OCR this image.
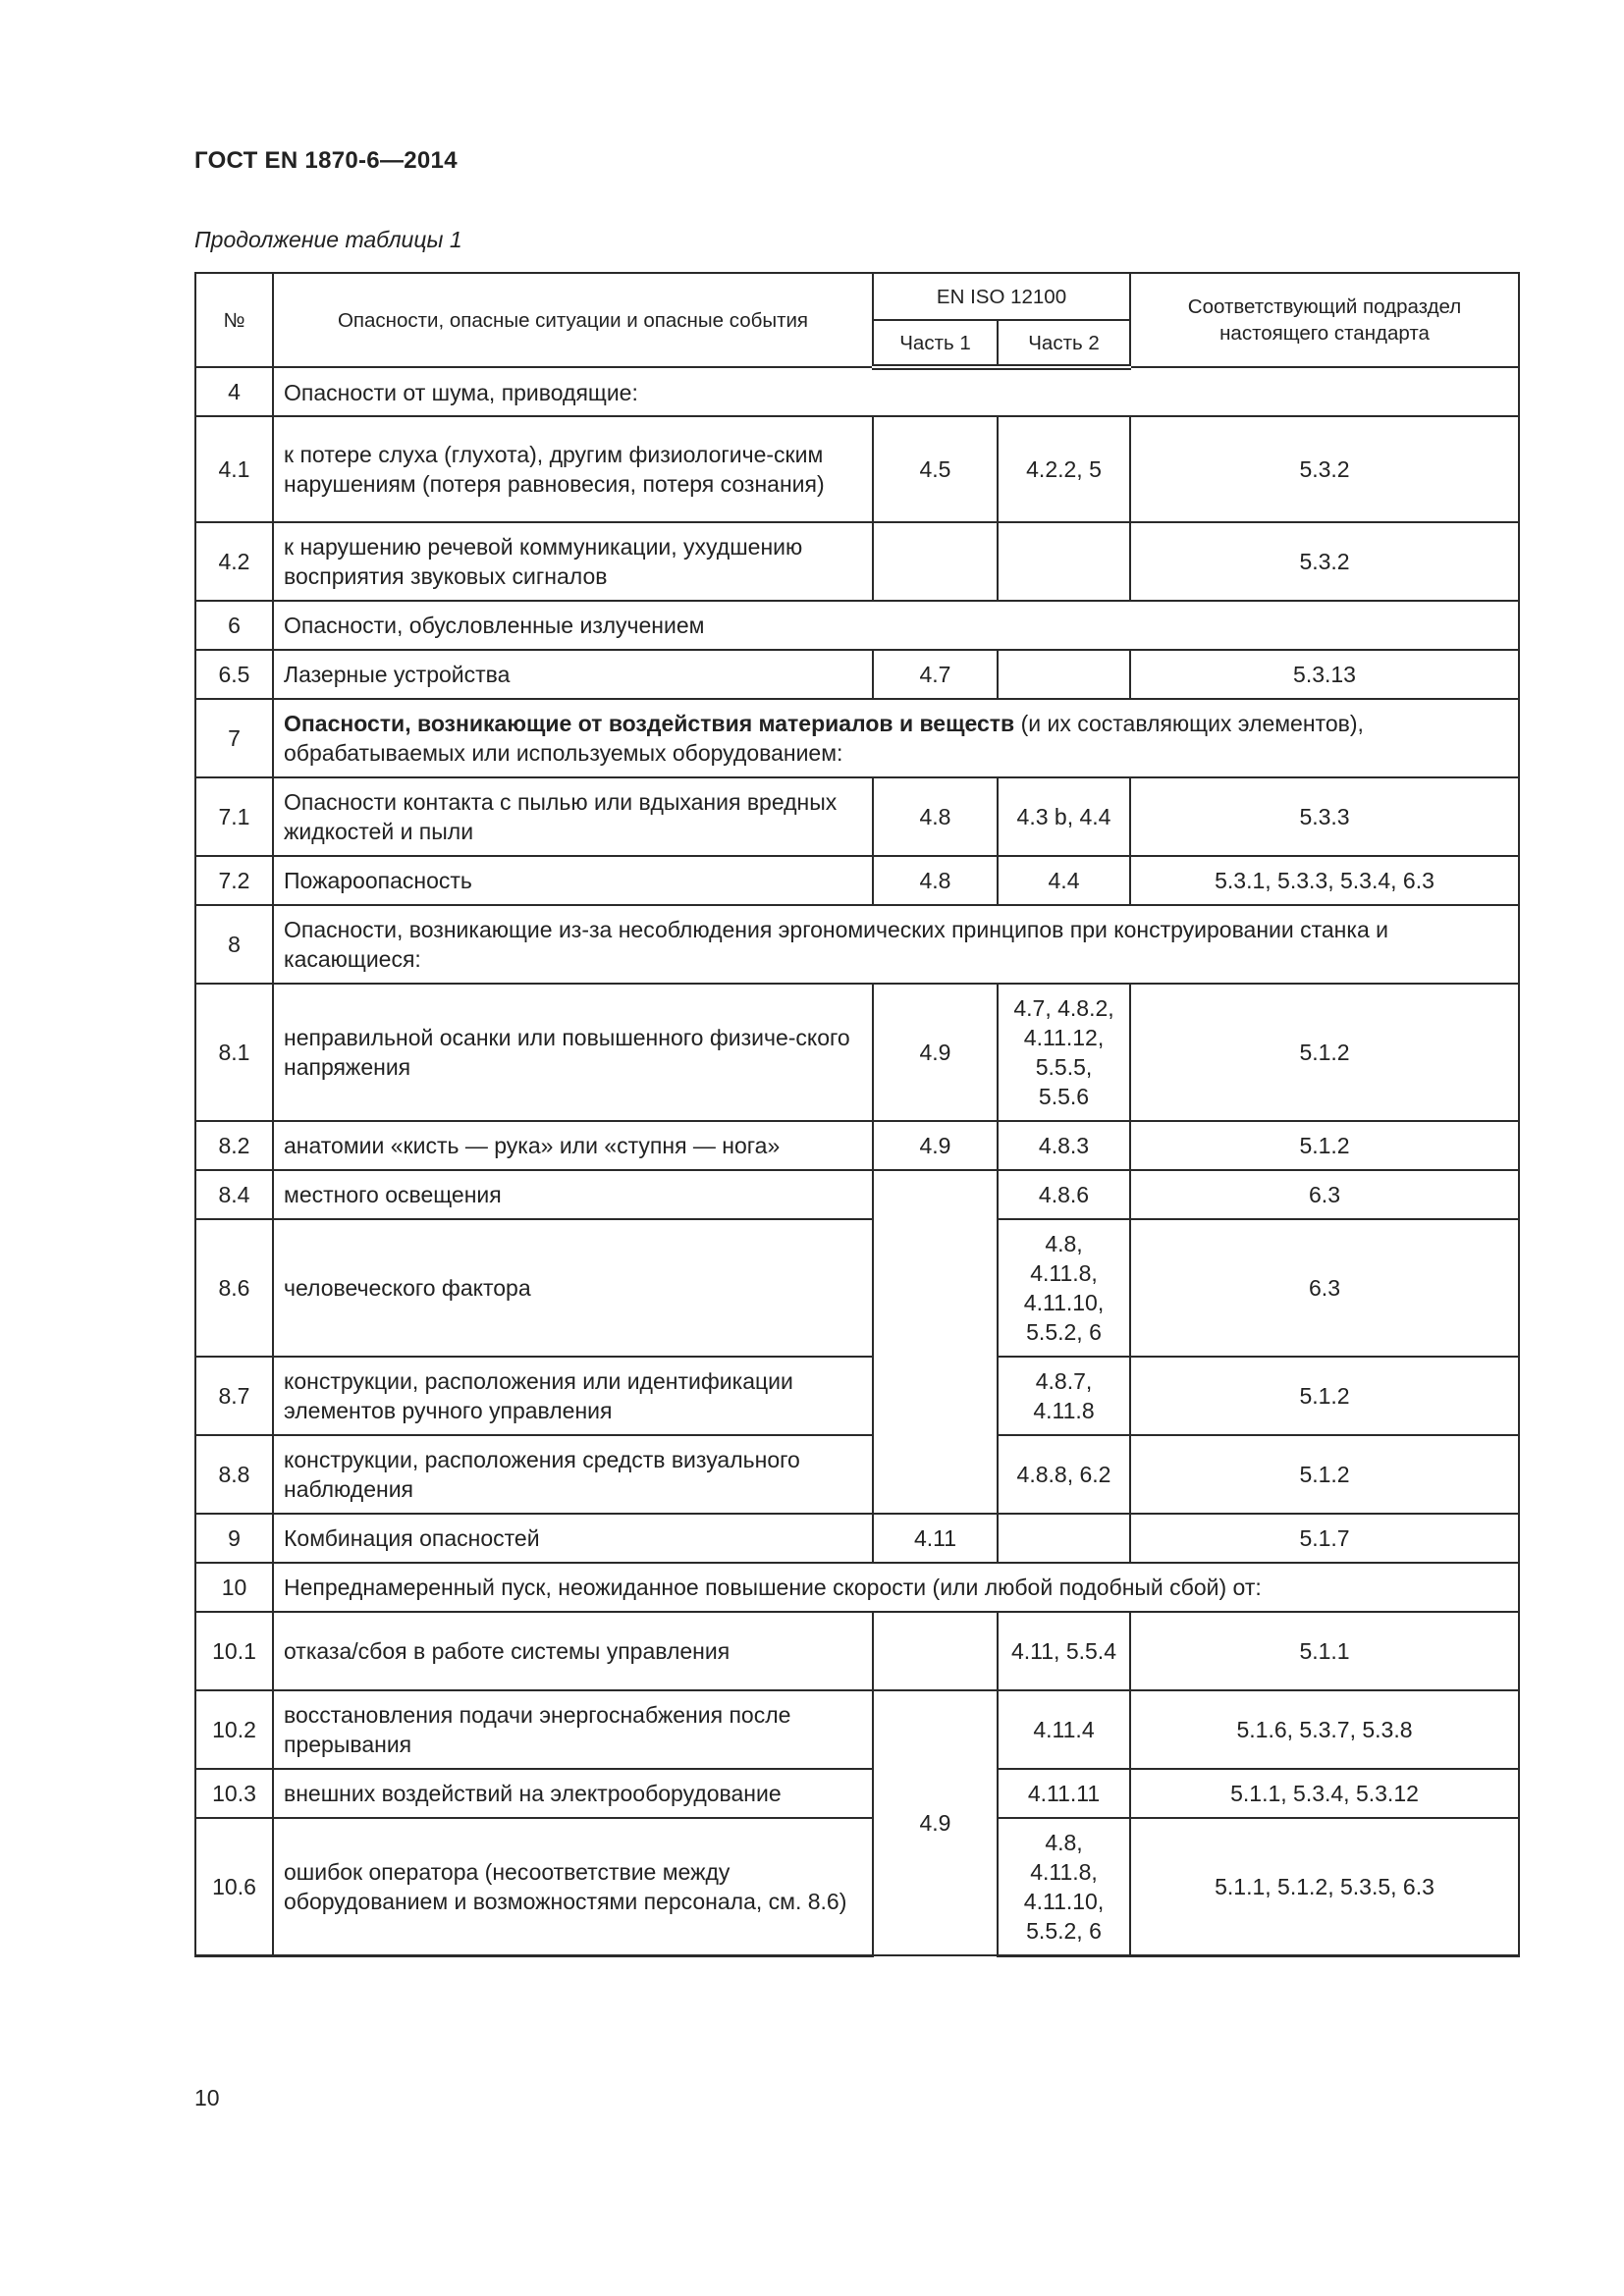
ГОСТ EN 1870-6—2014
Продолжение таблицы 1
№	Опасности, опасные ситуации и опасные события	EN ISO 12100		Соответствующий подраздел настоящего стандарта
		Часть 1	Часть 2	
4	Опасности от шума, приводящие:			
4.1	к потере слуха (глухота), другим физиологиче-ским нарушениям (потеря равновесия, потеря сознания)	4.5	4.2.2, 5	5.3.2
4.2	к нарушению речевой коммуникации, ухудшению восприятия звуковых сигналов			5.3.2
6	Опасности, обусловленные излучением			
6.5	Лазерные устройства	4.7		5.3.13
7	Опасности, возникающие от воздействия материалов и веществ (и их составляющих элементов), обрабатываемых или используемых оборудованием:			
7.1	Опасности контакта с пылью или вдыхания вредных жидкостей и пыли	4.8	4.3 b, 4.4	5.3.3
7.2	Пожароопасность	4.8	4.4	5.3.1, 5.3.3, 5.3.4, 6.3
8	Опасности, возникающие из-за несоблюдения эргономических принципов при конструировании станка и касающиеся:			
8.1	неправильной осанки или повышенного физиче-ского напряжения	4.9	4.7, 4.8.2, 4.11.12, 5.5.5, 5.5.6	5.1.2
8.2	анатомии «кисть — рука» или «ступня — нога»	4.9	4.8.3	5.1.2
8.4	местного освещения		4.8.6	6.3
8.6	человеческого фактора		4.8, 4.11.8, 4.11.10, 5.5.2, 6	6.3
8.7	конструкции, расположения или идентификации элементов ручного управления		4.8.7, 4.11.8	5.1.2
8.8	конструкции, расположения средств визуального наблюдения		4.8.8, 6.2	5.1.2
9	Комбинация опасностей	4.11		5.1.7
10	Непреднамеренный пуск, неожиданное повышение скорости (или любой подобный сбой) от:			
10.1	отказа/сбоя в работе системы управления		4.11, 5.5.4	5.1.1
10.2	восстановления подачи энергоснабжения после прерывания	4.9	4.11.4	5.1.6, 5.3.7, 5.3.8
10.3	внешних воздействий на электрооборудование		4.11.11	5.1.1, 5.3.4, 5.3.12
10.6	ошибок оператора (несоответствие между оборудованием и возможностями персонала, см. 8.6)		4.8, 4.11.8, 4.11.10, 5.5.2, 6	5.1.1, 5.1.2, 5.3.5, 6.3
10
